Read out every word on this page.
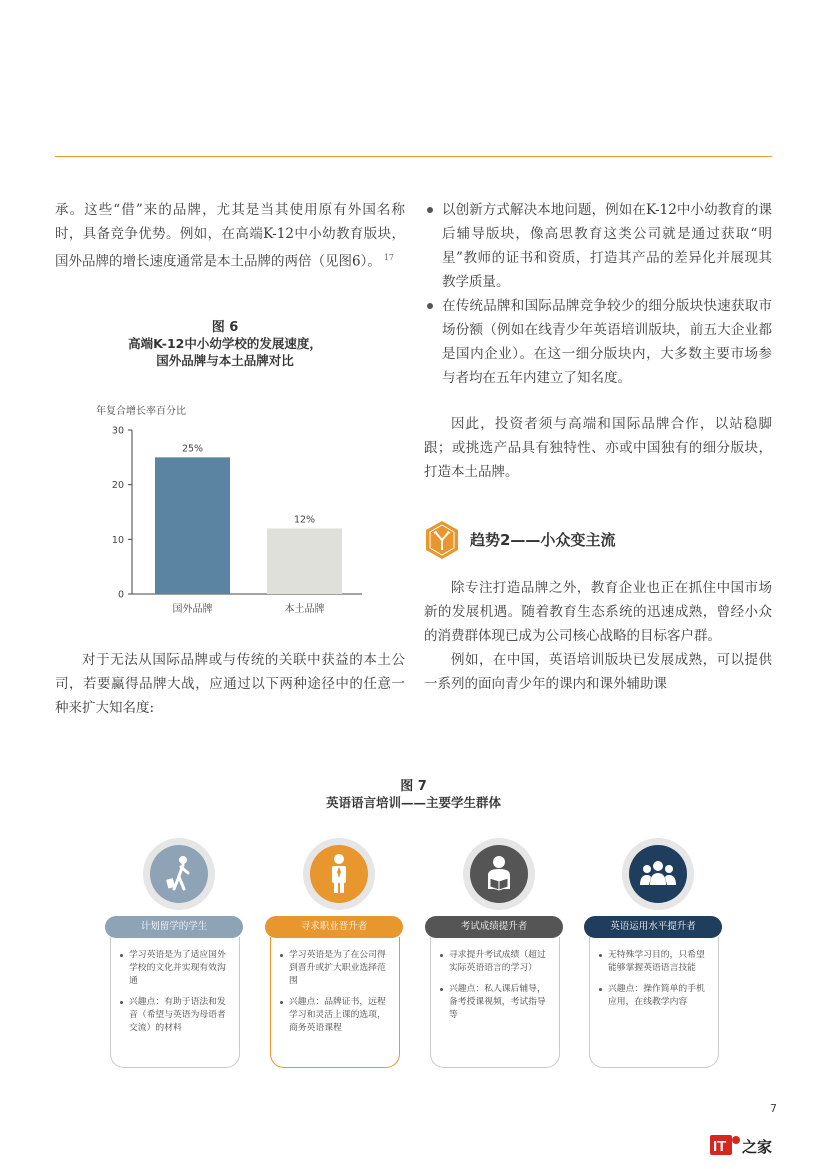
承。这些“借”来的品牌，尤其是当其使用原有外国名称时，具备竞争优势。例如，在高端K-12中小幼教育版块，国外品牌的增长速度通常是本土品牌的两倍（见图6）。 $^{17}$
图 6
高端K-12中小幼学校的发展速度，
国外品牌与本土品牌对比
年复合增长率百分比
0
10
20
30
25%
国外品牌
12%
本土品牌
对于无法从国际品牌或与传统的关联中获益的本土公司，若要赢得品牌大战，应通过以下两种途径中的任意一种来扩大知名度:
以创新方式解决本地问题，例如在K-12中小幼教育的课后辅导版块，像高思教育这类公司就是通过获取“明星”教师的证书和资质，打造其产品的差异化并展现其教学质量。
在传统品牌和国际品牌竞争较少的细分版块快速获取市场份额（例如在线青少年英语培训版块，前五大企业都是国内企业）。在这一细分版块内，大多数主要市场参与者均在五年内建立了知名度。
因此，投资者须与高端和国际品牌合作，以站稳脚跟；或挑选产品具有独特性、亦或中国独有的细分版块，打造本土品牌。
趋势2——小众变主流
除专注打造品牌之外，教育企业也正在抓住中国市场新的发展机遇。随着教育生态系统的迅速成熟，曾经小众的消费群体现已成为公司核心战略的目标客户群。
例如，在中国，英语培训版块已发展成熟，可以提供一系列的面向青少年的课内和课外辅助课
图 7
英语语言培训——主要学生群体
计划留学的学生
学习英语是为了适应国外学校的文化并实现有效沟通
兴趣点：有助于语法和发音（希望与英语为母语者交流）的材料
寻求职业晋升者
学习英语是为了在公司得到晋升或扩大职业选择范围
兴趣点：品牌证书，远程学习和灵活上课的选项，商务英语课程
考试成绩提升者
寻求提升考试成绩（超过实际英语语言的学习）
兴趣点：私人课后辅导，备考授课视频，考试指导等
英语运用水平提升者
无特殊学习目的，只希望能够掌握英语语言技能
兴趣点：操作简单的手机应用，在线教学内容
7
IT 之家
